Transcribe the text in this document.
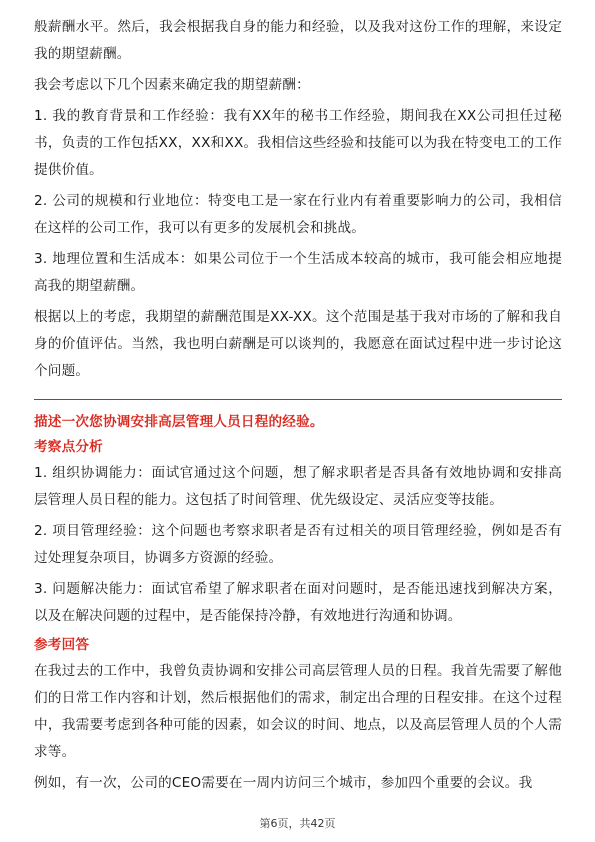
般薪酬水平。然后，我会根据我自身的能力和经验，以及我对这份工作的理解，来设定我的期望薪酬。

我会考虑以下几个因素来确定我的期望薪酬：

1. 我的教育背景和工作经验：我有XX年的秘书工作经验，期间我在XX公司担任过秘书，负责的工作包括XX，XX和XX。我相信这些经验和技能可以为我在特变电工的工作提供价值。

2. 公司的规模和行业地位：特变电工是一家在行业内有着重要影响力的公司，我相信在这样的公司工作，我可以有更多的发展机会和挑战。

3. 地理位置和生活成本：如果公司位于一个生活成本较高的城市，我可能会相应地提高我的期望薪酬。

根据以上的考虑，我期望的薪酬范围是XX-XX。这个范围是基于我对市场的了解和我自身的价值评估。当然，我也明白薪酬是可以谈判的，我愿意在面试过程中进一步讨论这个问题。

描述一次您协调安排高层管理人员日程的经验。
考察点分析

1. 组织协调能力：面试官通过这个问题，想了解求职者是否具备有效地协调和安排高层管理人员日程的能力。这包括了时间管理、优先级设定、灵活应变等技能。

2. 项目管理经验：这个问题也考察求职者是否有过相关的项目管理经验，例如是否有过处理复杂项目，协调多方资源的经验。

3. 问题解决能力：面试官希望了解求职者在面对问题时，是否能迅速找到解决方案，以及在解决问题的过程中，是否能保持冷静，有效地进行沟通和协调。

参考回答

在我过去的工作中，我曾负责协调和安排公司高层管理人员的日程。我首先需要了解他们的日常工作内容和计划，然后根据他们的需求，制定出合理的日程安排。在这个过程中，我需要考虑到各种可能的因素，如会议的时间、地点，以及高层管理人员的个人需求等。

例如，有一次，公司的CEO需要在一周内访问三个城市，参加四个重要的会议。我

第6页，共42页
